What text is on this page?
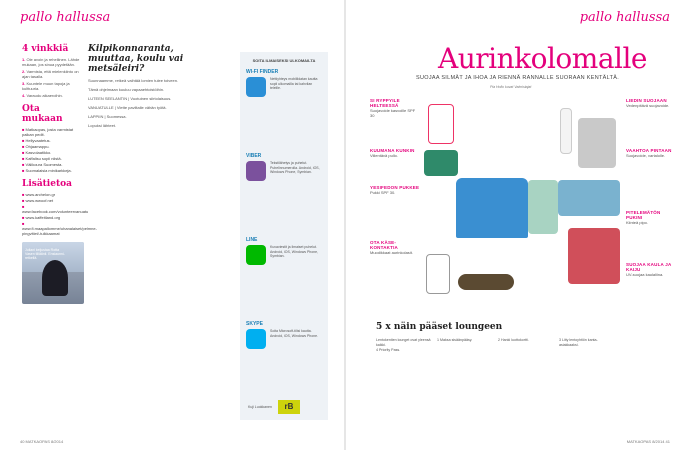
pallo hallussa
4 vinkkiä
1. Ole avoin ja rehellinen. Lähde mukaan, jos sinua pyydetään.
2. Varmista, että mielenkiinto on ajan tasalla.
3. Kuuntele muun tapoja ja kulttuuria.
4. Varaudu aikaeroihin.
Ota mukaan
■ Matkaopas, josta varmistat paikan pedit.
■ Hellyvaatetus.
■ Ohjaamappu.
■ Kasvolaatikko.
■ Kaffalisu sopii niistä.
■ Välikoura Suomesta.
■ Suomalaisia minikarkkeja.
Lisätietoa
■ www.archelon.gr
■ www.wwoof.net
■ www.facebook.com/volunteervanuatu
■ www.kaffeitland.org
■ www.fi.maapallomme/uhanalaiset/pelmne-pingvitiet/-tulkkaamat
Juliani keijustaa Rotta Vasen tiliäänii. Ensiaunni-retkellä.
Kilpikonnaranta, muuttaa, koulu vai metsäleiri?
Suunnaamme, retkeä vaihtää lomien tulee toiveen.
Tämä ohjelmaan kuuluu vapaaehtoistöihin.
LUTEEN SEELANTIN | Vuotuinen siirtolaisuus.
VANUATULLE | Viette paviltalle vähän työtä.
LAPPIIN | Suomessa.
Lopuksi lähteet.
SOITA ILMAISEKSI ULKOMAILTA
WI-FI FINDER
Nettiyhteys mobiilidatan kautta sopii ulkomailla tai kahvilan teleille.
VIBER
Tekstilähetys ja puhelut. Puhelinnumerolla. Android, iOS, Windows Phone, Symbian.
LINE
Kuvaviestit ja ilmaiset puhelut. Android, iOS, Windows Phone, Symbian.
SKYPE
Soita Microsoft-tilisi kautta. Android, iOS, Windows Phone.
Kuji Luokkanen rB
40 MATKAOPAS 8/2014
pallo hallussa
Aurinkolomalle
SUOJAA SILMÄT JA IHOA JA RIENNÄ RANNALLE SUORAAN KENTÄLTÄ.
Pia Hollo kuvat Valmistajat
SI RYPPYILE HELTEESSÄ
Suojavoide kasvoille SPF 30
KUUMANA KUNKIN
Viilentävä pullo.
YESIFEDON PUKKEE
Pukki SPF 30.
OTA KÄSE-KONTAKTIA
Muodikkaat aurinkolasit.
LIEDIN SUOJAAN
Vedenpitävä suojavoide.
VAAHTOA PINTAAN
Suojavoide, vartalolle.
PITELEMÄTÖN PUKINI
Kiinteä pipo.
SUOJAA KAULA JA KAIJU
UV-suojaa kaulaliina.
5 x näin pääset loungeen
Lentokentien lounget ovat yleensä kaikki. 1 Maksa sisäänpääsy.	2 Hanki luottokortti.	3 Liity lentoyhtiön kanta-asiakkaaksi. 4 Priority Pass.
MATKAOPAS 8/2014 41
